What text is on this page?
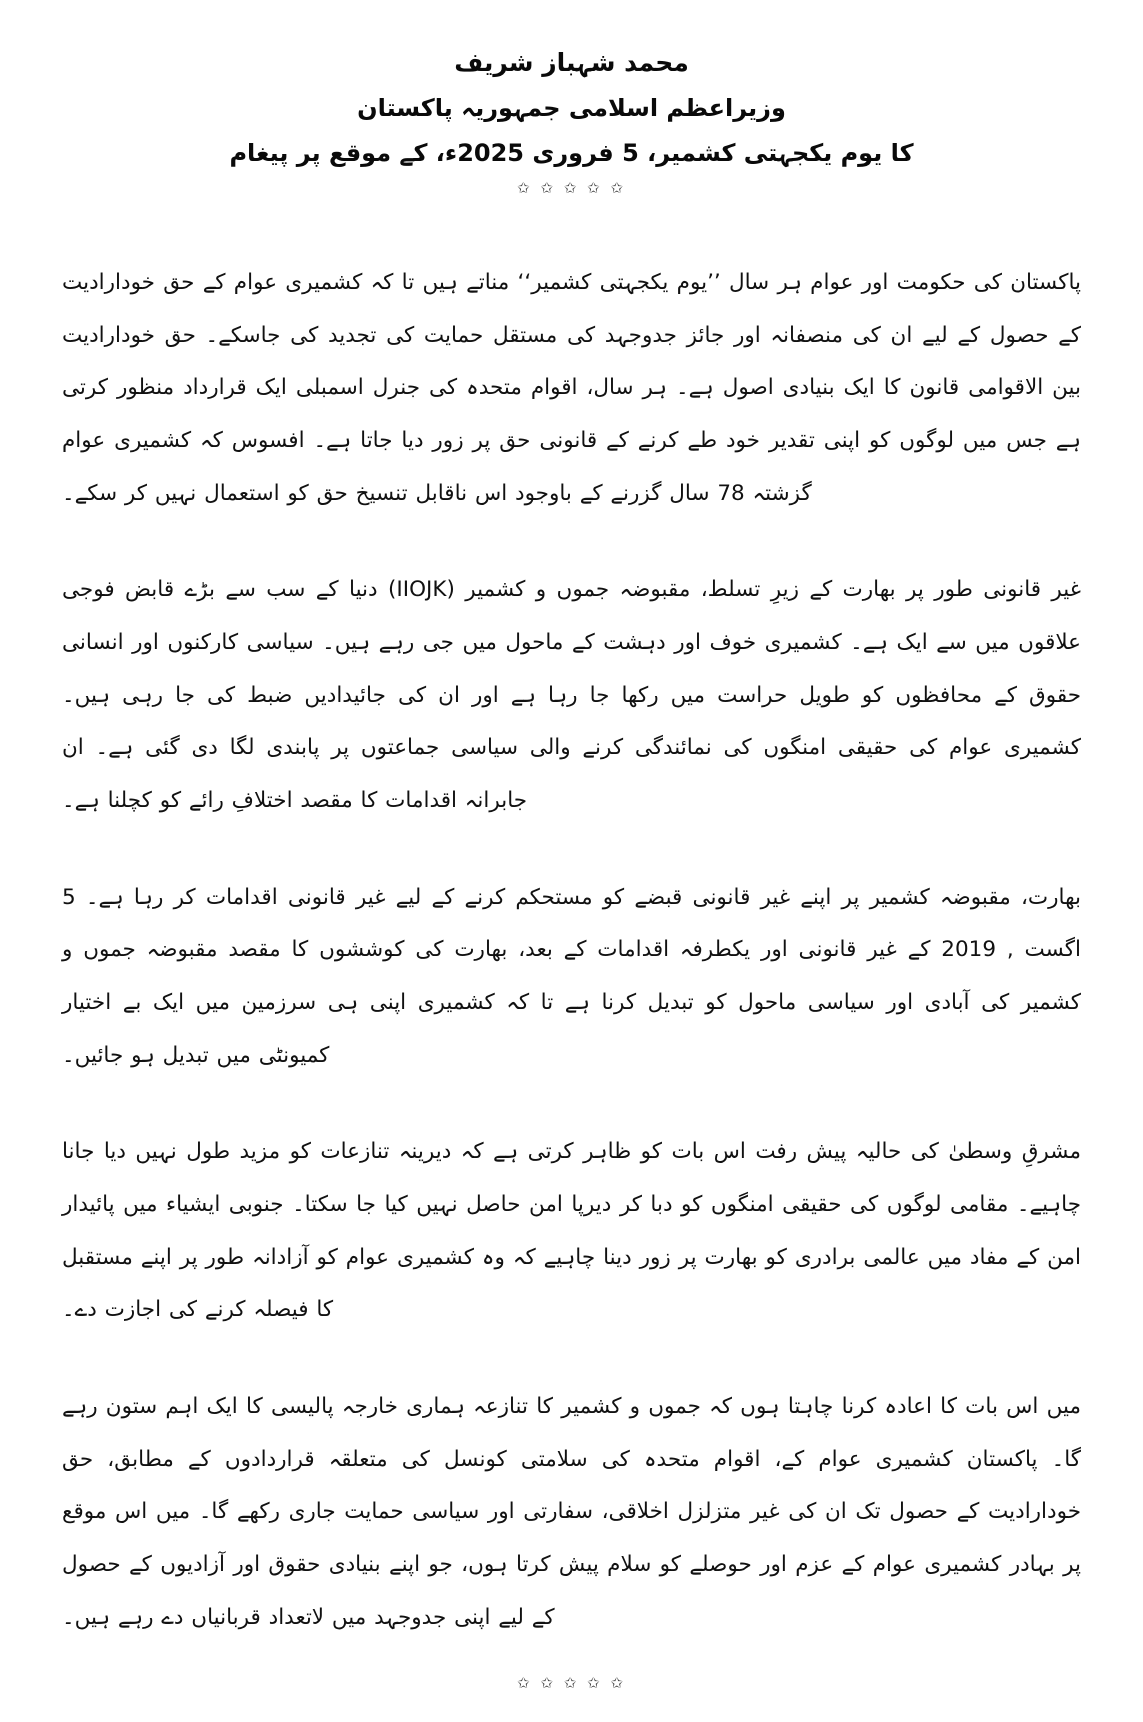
محمد شہباز شریف
وزیراعظم اسلامی جمہوریہ پاکستان
کا یوم یکجہتی کشمیر، 5 فروری 2025ء، کے موقع پر پیغام
✩ ✩ ✩ ✩ ✩

پاکستان کی حکومت اور عوام ہر سال ’’یوم یکجہتی کشمیر‘‘ مناتے ہیں تا کہ کشمیری عوام کے حق خودارادیت کے حصول کے لیے ان کی منصفانہ اور جائز جدوجہد کی مستقل حمایت کی تجدید کی جاسکے۔ حق خودارادیت بین الاقوامی قانون کا ایک بنیادی اصول ہے۔ ہر سال، اقوام متحدہ کی جنرل اسمبلی ایک قرارداد منظور کرتی ہے جس میں لوگوں کو اپنی تقدیر خود طے کرنے کے قانونی حق پر زور دیا جاتا ہے۔ افسوس کہ کشمیری عوام گزشتہ 78 سال گزرنے کے باوجود اس ناقابل تنسیخ حق کو استعمال نہیں کر سکے۔

غیر قانونی طور پر بھارت کے زیرِ تسلط، مقبوضہ جموں و کشمیر (IIOJK) دنیا کے سب سے بڑے قابض فوجی علاقوں میں سے ایک ہے۔ کشمیری خوف اور دہشت کے ماحول میں جی رہے ہیں۔ سیاسی کارکنوں اور انسانی حقوق کے محافظوں کو طویل حراست میں رکھا جا رہا ہے اور ان کی جائیدادیں ضبط کی جا رہی ہیں۔ کشمیری عوام کی حقیقی امنگوں کی نمائندگی کرنے والی سیاسی جماعتوں پر پابندی لگا دی گئی ہے۔ ان جابرانہ اقدامات کا مقصد اختلافِ رائے کو کچلنا ہے۔

بھارت، مقبوضہ کشمیر پر اپنے غیر قانونی قبضے کو مستحکم کرنے کے لیے غیر قانونی اقدامات کر رہا ہے۔ 5 اگست , 2019 کے غیر قانونی اور یکطرفہ اقدامات کے بعد، بھارت کی کوششوں کا مقصد مقبوضہ جموں و کشمیر کی آبادی اور سیاسی ماحول کو تبدیل کرنا ہے تا کہ کشمیری اپنی ہی سرزمین میں ایک بے اختیار کمیونٹی میں تبدیل ہو جائیں۔

مشرقِ وسطیٰ کی حالیہ پیش رفت اس بات کو ظاہر کرتی ہے کہ دیرینہ تنازعات کو مزید طول نہیں دیا جانا چاہیے۔ مقامی لوگوں کی حقیقی امنگوں کو دبا کر دیرپا امن حاصل نہیں کیا جا سکتا۔ جنوبی ایشیاء میں پائیدار امن کے مفاد میں عالمی برادری کو بھارت پر زور دینا چاہیے کہ وہ کشمیری عوام کو آزادانہ طور پر اپنے مستقبل کا فیصلہ کرنے کی اجازت دے۔

میں اس بات کا اعادہ کرنا چاہتا ہوں کہ جموں و کشمیر کا تنازعہ ہماری خارجہ پالیسی کا ایک اہم ستون رہے گا۔ پاکستان کشمیری عوام کے، اقوام متحدہ کی سلامتی کونسل کی متعلقہ قراردادوں کے مطابق، حق خودارادیت کے حصول تک ان کی غیر متزلزل اخلاقی، سفارتی اور سیاسی حمایت جاری رکھے گا۔ میں اس موقع پر بہادر کشمیری عوام کے عزم اور حوصلے کو سلام پیش کرتا ہوں، جو اپنے بنیادی حقوق اور آزادیوں کے حصول کے لیے اپنی جدوجہد میں لاتعداد قربانیاں دے رہے ہیں۔

✩ ✩ ✩ ✩ ✩
